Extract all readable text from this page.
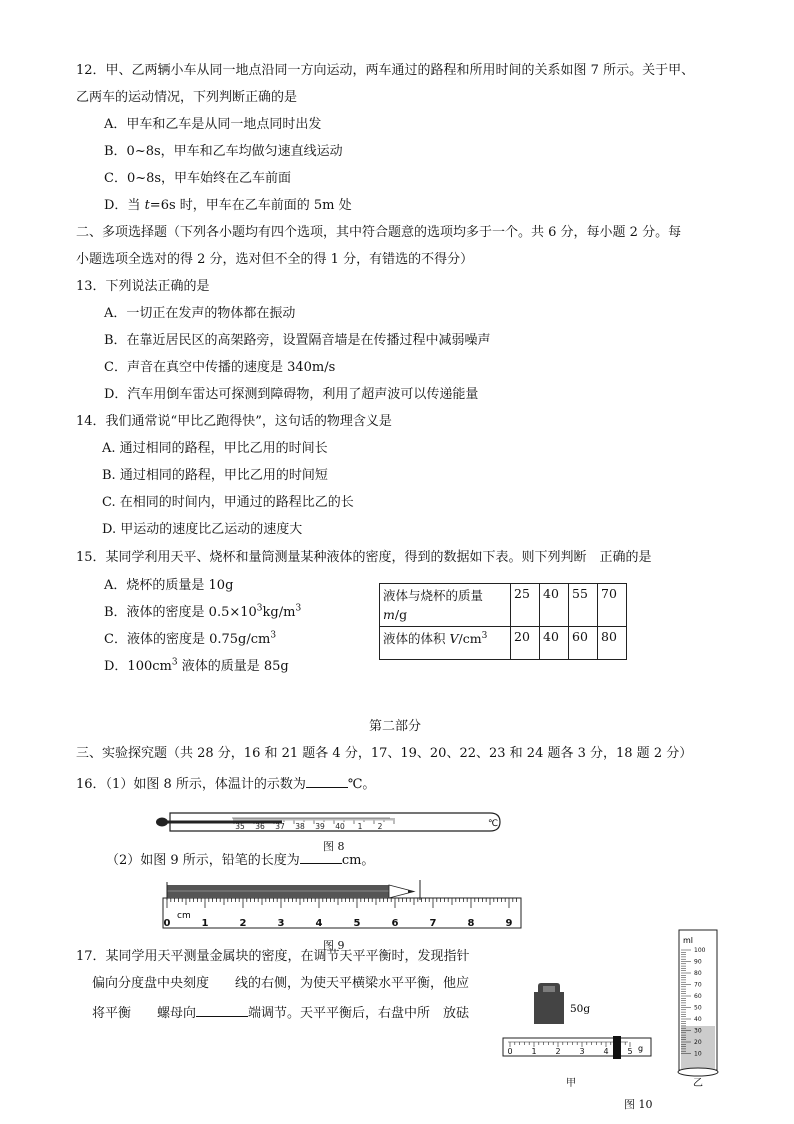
12．甲、乙两辆小车从同一地点沿同一方向运动，两车通过的路程和所用时间的关系如图 7 所示。关于甲、
乙两车的运动情况，下列判断正确的是
A．甲车和乙车是从同一地点同时出发
B．0~8s，甲车和乙车均做匀速直线运动
C．0~8s，甲车始终在乙车前面
D．当 t=6s 时，甲车在乙车前面的 5m 处
二、多项选择题（下列各小题均有四个选项，其中符合题意的选项均多于一个。共 6 分，每小题 2 分。每
小题选项全选对的得 2 分，选对但不全的得 1 分，有错选的不得分）
13．下列说法正确的是
A．一切正在发声的物体都在振动
B．在靠近居民区的高架路旁，设置隔音墙是在传播过程中减弱噪声
C．声音在真空中传播的速度是 340m/s
D．汽车用倒车雷达可探测到障碍物，利用了超声波可以传递能量
14．我们通常说“甲比乙跑得快”，这句话的物理含义是
A. 通过相同的路程，甲比乙用的时间长
B. 通过相同的路程，甲比乙用的时间短
C. 在相同的时间内，甲通过的路程比乙的长
D. 甲运动的速度比乙运动的速度大
15．某同学利用天平、烧杯和量筒测量某种液体的密度，得到的数据如下表。则下列判断　正确的是
A．烧杯的质量是 10g
B．液体的密度是 $0.5\times 10^3kg/m^3$
C．液体的密度是 $0.75g/cm^3$
D．$100cm^3$ 液体的质量是 85g
液体与烧杯的质量
m/g	25	40	55	70
液体的体积 $V/cm^3$	20	40	60	80
第二部分
三、实验探究题（共 28 分，16 和 21 题各 4 分，17、19、20、22、23 和 24 题各 3 分，18 题 2 分）
16．（1）如图 8 所示，体温计的示数为	℃。
35 36 37 38 39 40 1 2	℃
图 8
（2）如图 9 所示，铅笔的长度为	cm。
0	1	2	3	4	5	6	7	8	9
cm
图 9
17．某同学用天平测量金属块的密度，在调节天平平衡时，发现指针
偏向分度盘中央刻度　　线的右侧，为使天平横梁水平平衡，他应
将平衡　　螺母向	端调节。天平平衡后，右盘中所　放砝	50g
0 1 2 3 4 5 g
甲
ml
100
90
80
70
60
50
40
30
20
10
乙
图 10
